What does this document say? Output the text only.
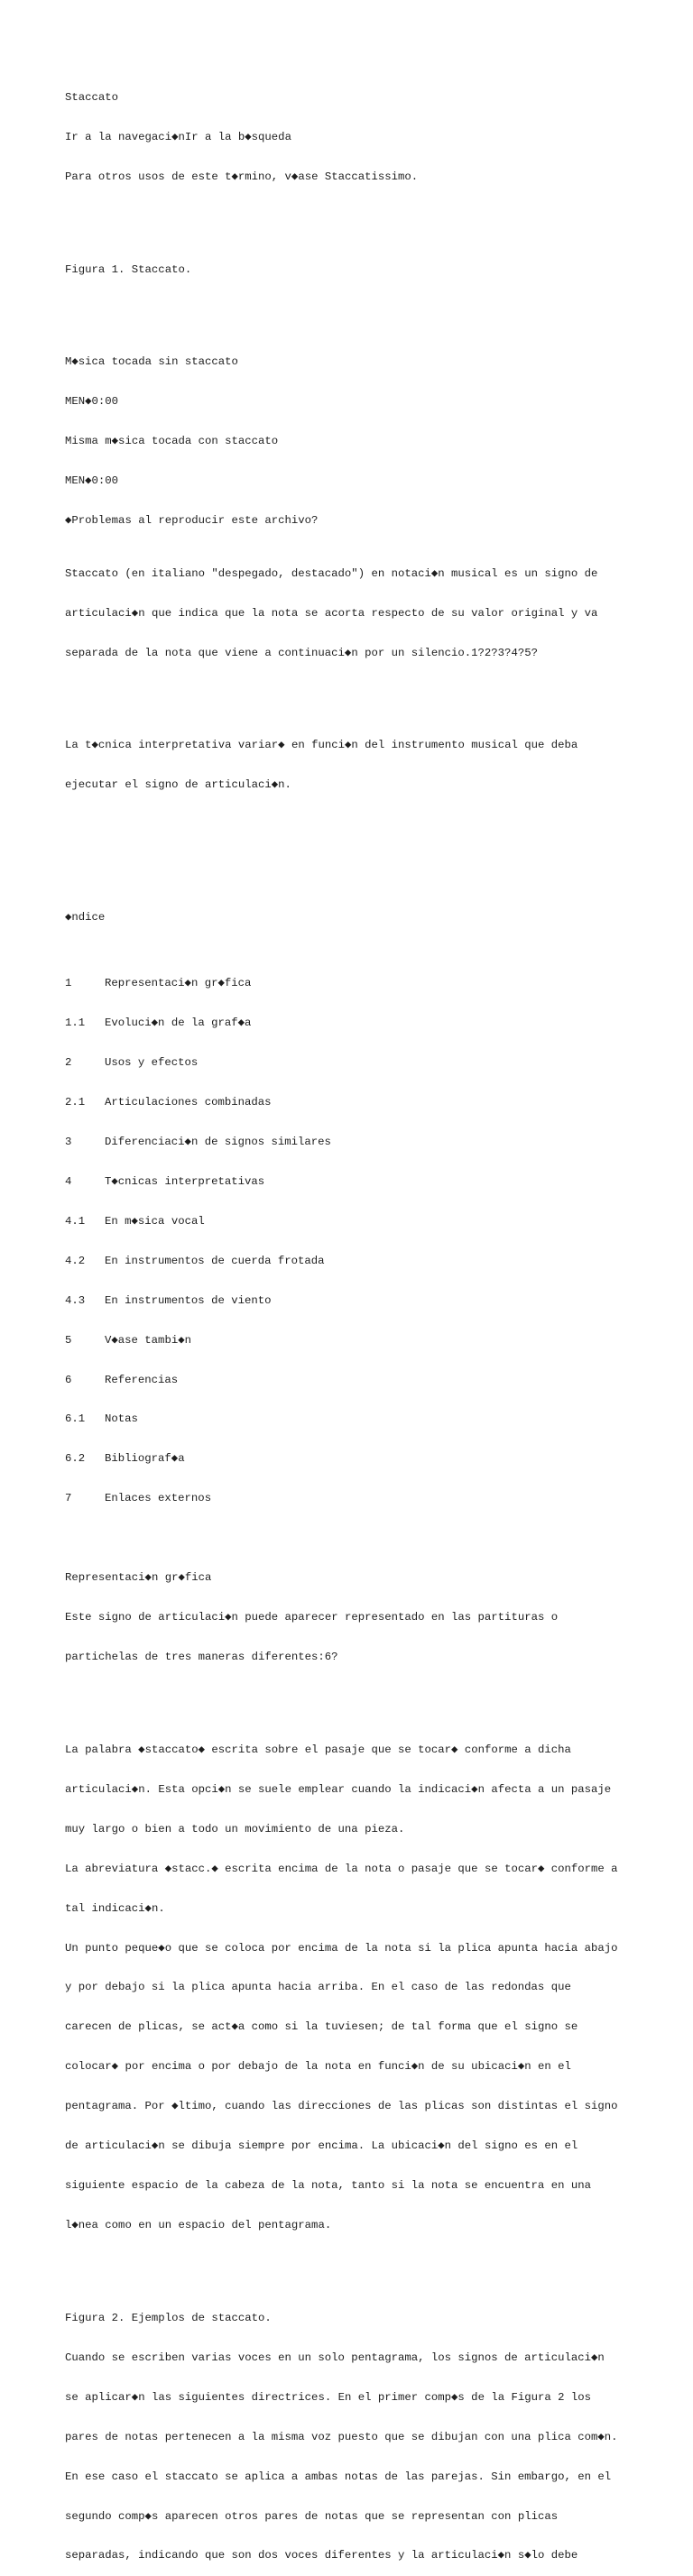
Staccato

Ir a la navegaci◆nIr a la b◆squeda

Para otros usos de este t◆rmino, v◆ase Staccatissimo.

Figura 1. Staccato.

M◆sica tocada sin staccato

MEN◆0:00

Misma m◆sica tocada con staccato

MEN◆0:00

◆Problemas al reproducir este archivo?

Staccato (en italiano "despegado, destacado") en notaci◆n musical es un signo de

articulaci◆n que indica que la nota se acorta respecto de su valor original y va

separada de la nota que viene a continuaci◆n por un silencio.1?2?3?4?5?

La t◆cnica interpretativa variar◆ en funci◆n del instrumento musical que deba

ejecutar el signo de articulaci◆n.

◆ndice

1	Representaci◆n gr◆fica

1.1 Evoluci◆n de la graf◆a

2	Usos y efectos

2.1 Articulaciones combinadas

3	Diferenciaci◆n de signos similares

4	T◆cnicas interpretativas

4.1 En m◆sica vocal

4.2 En instrumentos de cuerda frotada

4.3 En instrumentos de viento

5	V◆ase tambi◆n

6	Referencias

6.1 Notas

6.2 Bibliograf◆a

7	Enlaces externos

Representaci◆n gr◆fica

Este signo de articulaci◆n puede aparecer representado en las partituras o

partichelas de tres maneras diferentes:6?

La palabra ◆staccato◆ escrita sobre el pasaje que se tocar◆ conforme a dicha

articulaci◆n. Esta opci◆n se suele emplear cuando la indicaci◆n afecta a un pasaje

muy largo o bien a todo un movimiento de una pieza.

La abreviatura ◆stacc.◆ escrita encima de la nota o pasaje que se tocar◆ conforme a

tal indicaci◆n.

Un punto peque◆o que se coloca por encima de la nota si la plica apunta hacia abajo

y por debajo si la plica apunta hacia arriba. En el caso de las redondas que

carecen de plicas, se act◆a como si la tuviesen; de tal forma que el signo se

colocar◆ por encima o por debajo de la nota en funci◆n de su ubicaci◆n en el

pentagrama. Por ◆ltimo, cuando las direcciones de las plicas son distintas el signo

de articulaci◆n se dibuja siempre por encima. La ubicaci◆n del signo es en el

siguiente espacio de la cabeza de la nota, tanto si la nota se encuentra en una

l◆nea como en un espacio del pentagrama.

Figura 2. Ejemplos de staccato.

Cuando se escriben varias voces en un solo pentagrama, los signos de articulaci◆n

se aplicar◆n las siguientes directrices. En el primer comp◆s de la Figura 2 los

pares de notas pertenecen a la misma voz puesto que se dibujan con una plica com◆n.

En ese caso el staccato se aplica a ambas notas de las parejas. Sin embargo, en el

segundo comp◆s aparecen otros pares de notas que se representan con plicas

separadas, indicando que son dos voces diferentes y la articulaci◆n s◆lo debe
